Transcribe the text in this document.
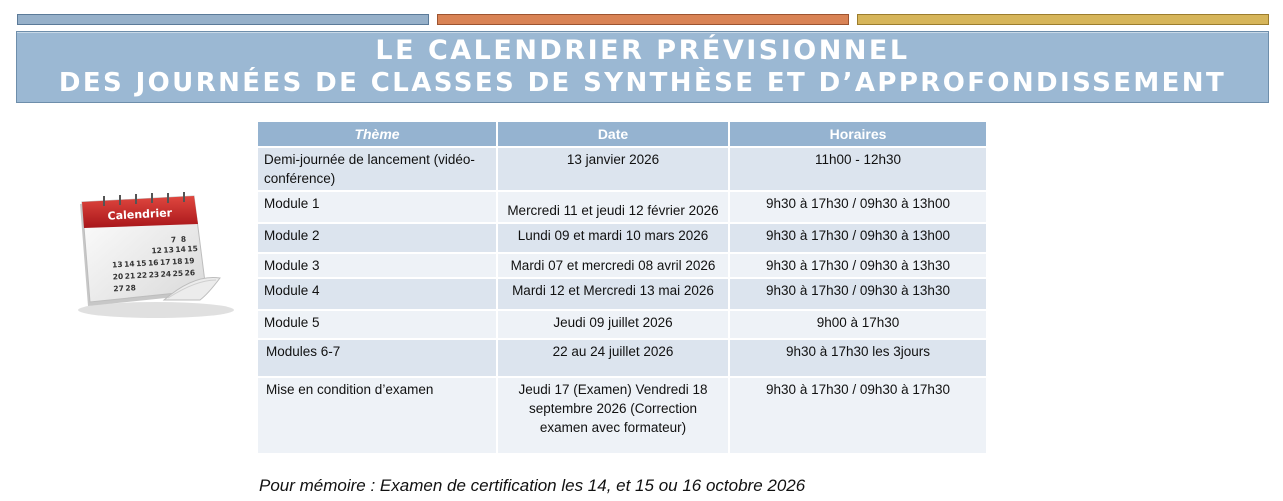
LE CALENDRIER PRÉVISIONNEL
DES JOURNÉES DE CLASSES DE SYNTHÈSE ET D’APPROFONDISSEMENT
Calendrier
7 8
12 13 14 15
13 14 15 16 17 18 19
20 21 22 23 24 25 26
27 28
Thème	Date	Horaires
Demi-journée de lancement (vidéo-conférence)	13 janvier 2026	11h00 - 12h30
Module 1	Mercredi 11 et jeudi 12 février 2026	9h30 à 17h30 / 09h30 à 13h00
Module 2	Lundi 09 et mardi 10 mars 2026	9h30 à 17h30 / 09h30 à 13h00
Module 3	Mardi 07 et mercredi 08 avril 2026	9h30 à 17h30 / 09h30 à 13h30
Module 4	Mardi 12 et Mercredi 13 mai 2026	9h30 à 17h30 / 09h30 à 13h30
Module 5	Jeudi 09 juillet 2026	9h00 à 17h30
Modules 6-7	22 au 24 juillet 2026	9h30 à 17h30 les 3jours
Mise en condition d’examen	Jeudi 17 (Examen) Vendredi 18 septembre 2026 (Correction examen avec formateur)	9h30 à 17h30 / 09h30 à 17h30
Pour mémoire : Examen de certification les 14, et 15 ou 16 octobre 2026
